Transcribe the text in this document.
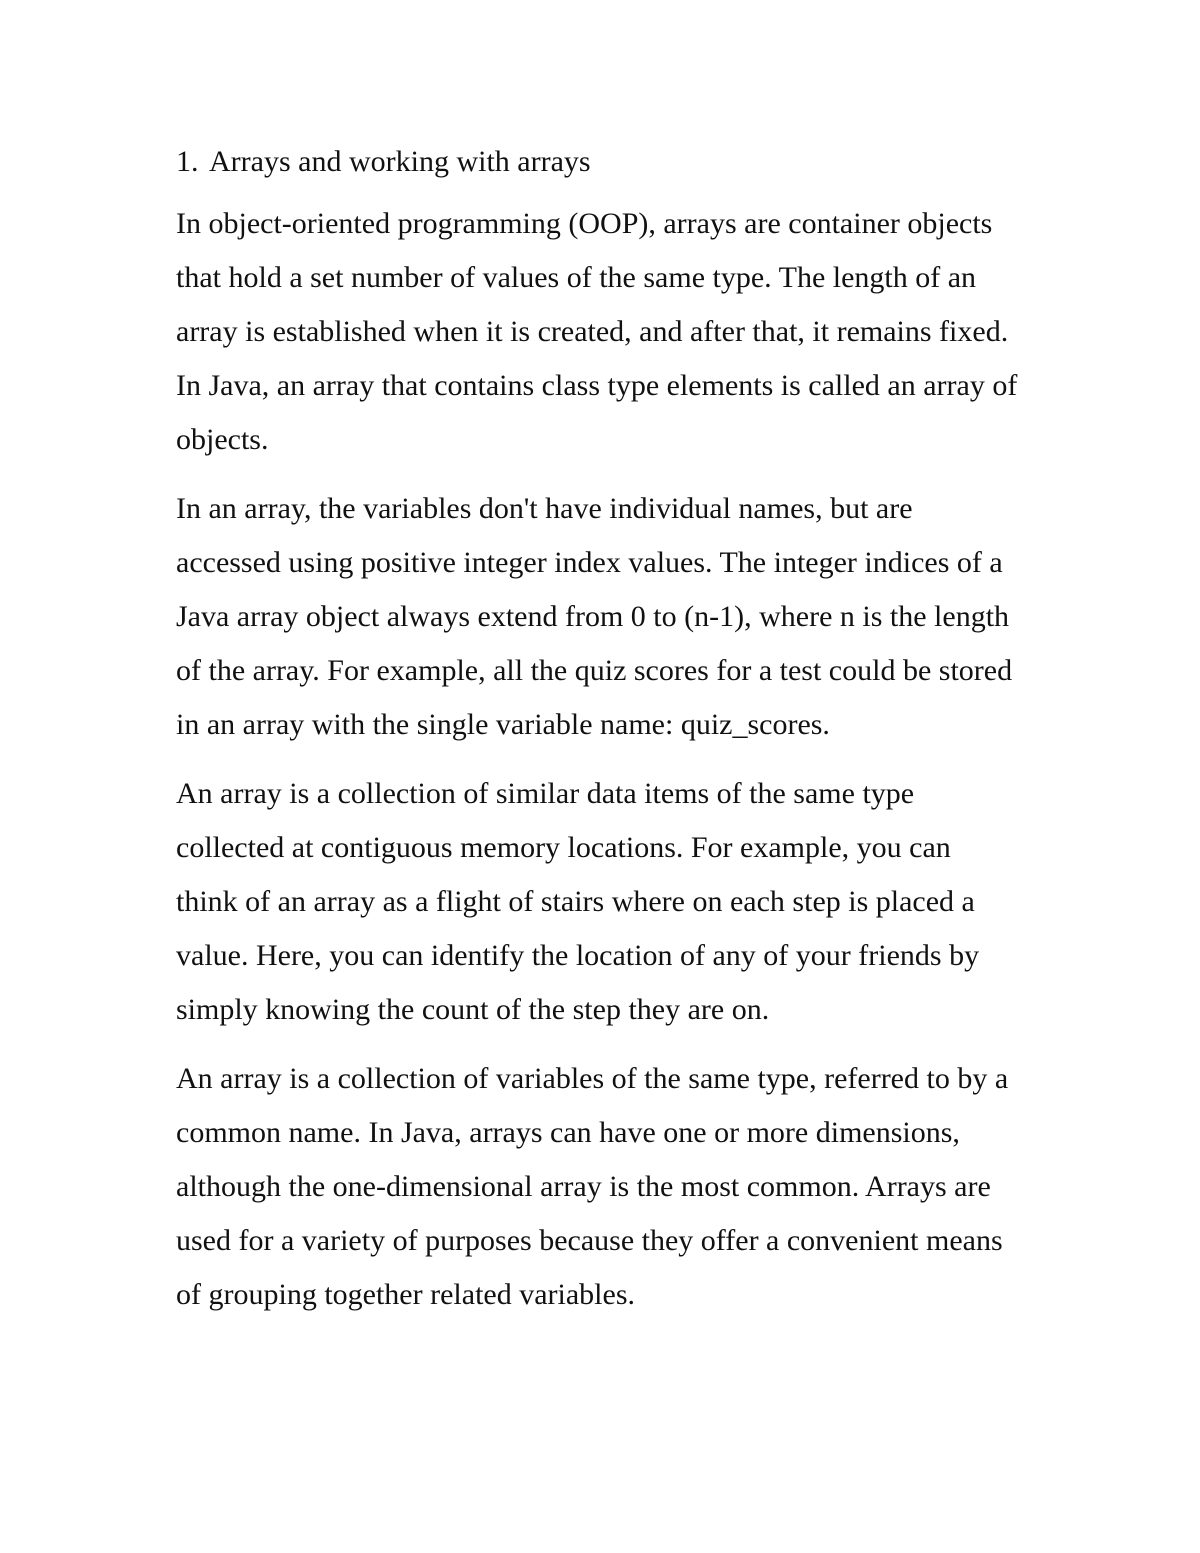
1. Arrays and working with arrays
In object-oriented programming (OOP), arrays are container objects
that hold a set number of values of the same type. The length of an
array is established when it is created, and after that, it remains fixed.
In Java, an array that contains class type elements is called an array of
objects.
In an array, the variables don't have individual names, but are
accessed using positive integer index values. The integer indices of a
Java array object always extend from 0 to (n-1), where n is the length
of the array. For example, all the quiz scores for a test could be stored
in an array with the single variable name: quiz_scores.
An array is a collection of similar data items of the same type
collected at contiguous memory locations. For example, you can
think of an array as a flight of stairs where on each step is placed a
value. Here, you can identify the location of any of your friends by
simply knowing the count of the step they are on.
An array is a collection of variables of the same type, referred to by a
common name. In Java, arrays can have one or more dimensions,
although the one-dimensional array is the most common. Arrays are
used for a variety of purposes because they offer a convenient means
of grouping together related variables.
